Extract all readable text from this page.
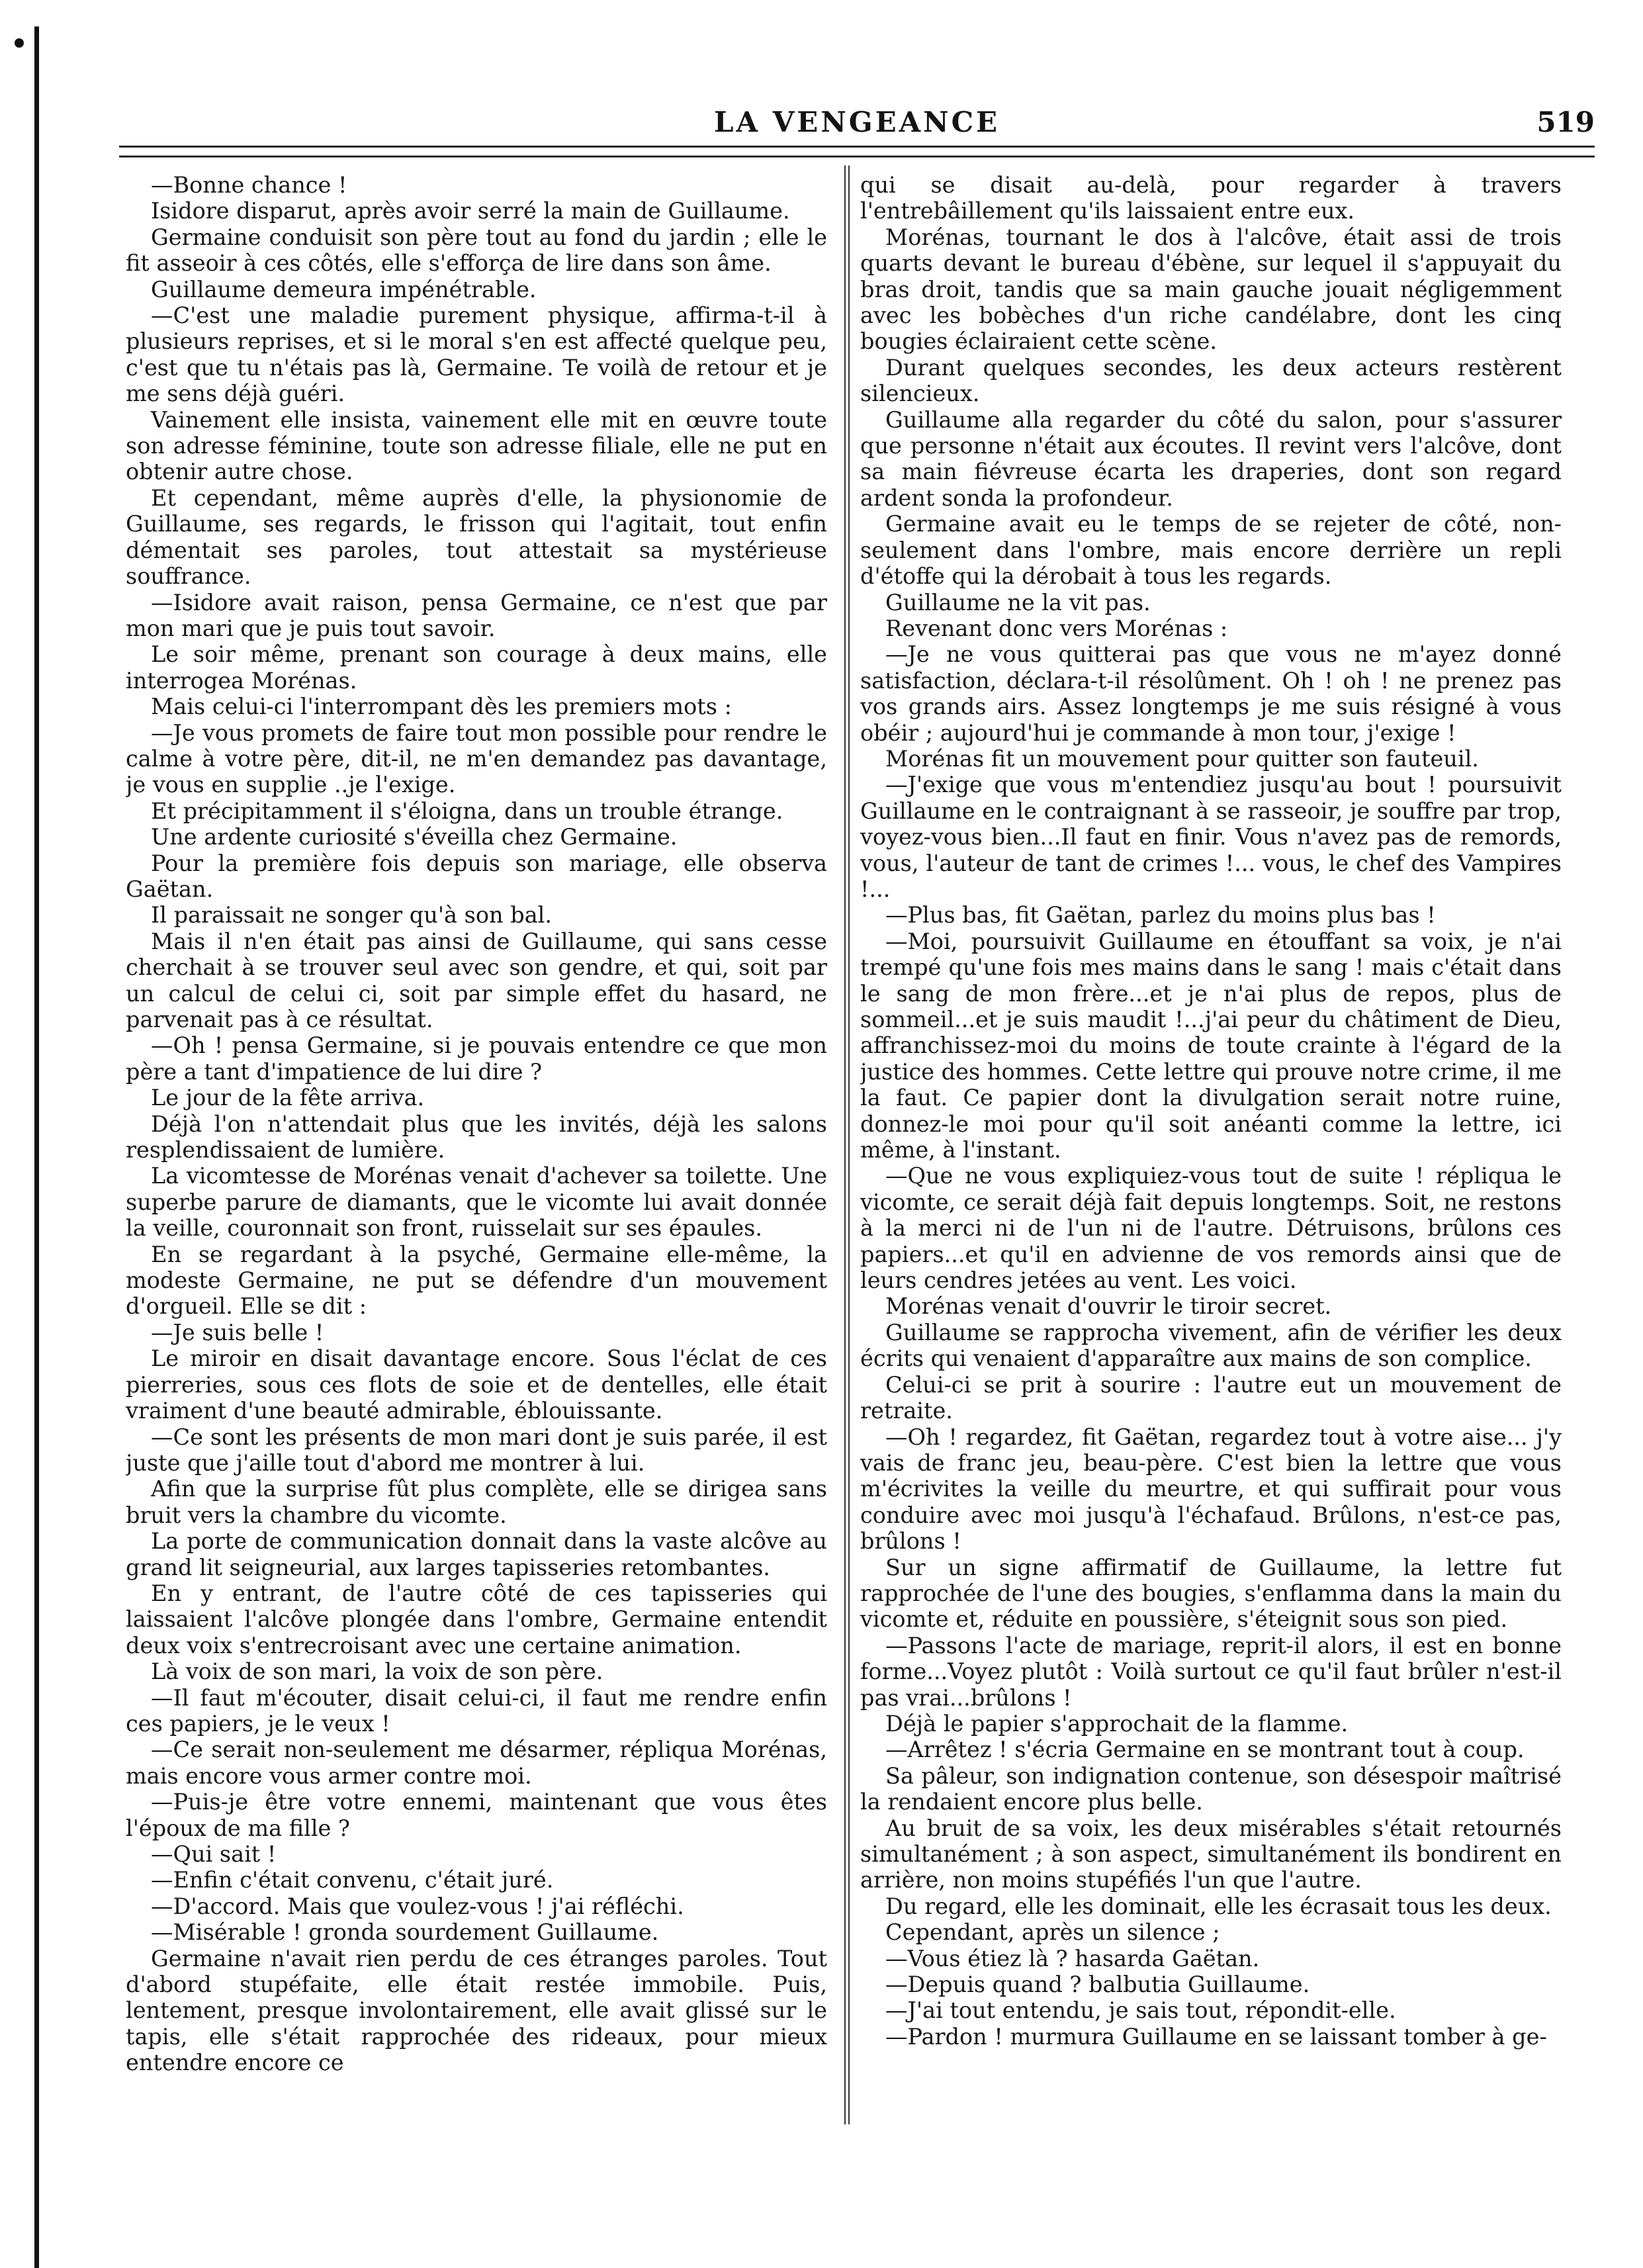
LA VENGEANCE	519

—Bonne chance !

Isidore disparut, après avoir serré la main de Guillaume.

Germaine conduisit son père tout au fond du jardin ; elle le fit asseoir à ces côtés, elle s'efforça de lire dans son âme.

Guillaume demeura impénétrable.

—C'est une maladie purement physique, affirma-t-il à plusieurs reprises, et si le moral s'en est affecté quelque peu, c'est que tu n'étais pas là, Germaine. Te voilà de retour et je me sens déjà guéri.

Vainement elle insista, vainement elle mit en œuvre toute son adresse féminine, toute son adresse filiale, elle ne put en obtenir autre chose.

Et cependant, même auprès d'elle, la physionomie de Guillaume, ses regards, le frisson qui l'agitait, tout enfin démentait ses paroles, tout attestait sa mystérieuse souffrance.

—Isidore avait raison, pensa Germaine, ce n'est que par mon mari que je puis tout savoir.

Le soir même, prenant son courage à deux mains, elle interrogea Morénas.

Mais celui-ci l'interrompant dès les premiers mots :

—Je vous promets de faire tout mon possible pour rendre le calme à votre père, dit-il, ne m'en demandez pas davantage, je vous en supplie ..je l'exige.

Et précipitamment il s'éloigna, dans un trouble étrange.

Une ardente curiosité s'éveilla chez Germaine.

Pour la première fois depuis son mariage, elle observa Gaëtan.

Il paraissait ne songer qu'à son bal.

Mais il n'en était pas ainsi de Guillaume, qui sans cesse cherchait à se trouver seul avec son gendre, et qui, soit par un calcul de celui ci, soit par simple effet du hasard, ne parvenait pas à ce résultat.

—Oh ! pensa Germaine, si je pouvais entendre ce que mon père a tant d'impatience de lui dire ?

Le jour de la fête arriva.

Déjà l'on n'attendait plus que les invités, déjà les salons resplendissaient de lumière.

La vicomtesse de Morénas venait d'achever sa toilette. Une superbe parure de diamants, que le vicomte lui avait donnée la veille, couronnait son front, ruisselait sur ses épaules.

En se regardant à la psyché, Germaine elle-même, la modeste Germaine, ne put se défendre d'un mouvement d'orgueil. Elle se dit :

—Je suis belle !

Le miroir en disait davantage encore. Sous l'éclat de ces pierreries, sous ces flots de soie et de dentelles, elle était vraiment d'une beauté admirable, éblouissante.

—Ce sont les présents de mon mari dont je suis parée, il est juste que j'aille tout d'abord me montrer à lui.

Afin que la surprise fût plus complète, elle se dirigea sans bruit vers la chambre du vicomte.

La porte de communication donnait dans la vaste alcôve au grand lit seigneurial, aux larges tapisseries retombantes.

En y entrant, de l'autre côté de ces tapisseries qui laissaient l'alcôve plongée dans l'ombre, Germaine entendit deux voix s'entrecroisant avec une certaine animation.

Là voix de son mari, la voix de son père.

—Il faut m'écouter, disait celui-ci, il faut me rendre enfin ces papiers, je le veux !

—Ce serait non-seulement me désarmer, répliqua Morénas, mais encore vous armer contre moi.

—Puis-je être votre ennemi, maintenant que vous êtes l'époux de ma fille ?

—Qui sait !

—Enfin c'était convenu, c'était juré.

—D'accord. Mais que voulez-vous ! j'ai réfléchi.

—Misérable ! gronda sourdement Guillaume.

Germaine n'avait rien perdu de ces étranges paroles. Tout d'abord stupéfaite, elle était restée immobile. Puis, lentement, presque involontairement, elle avait glissé sur le tapis, elle s'était rapprochée des rideaux, pour mieux entendre encore ce

qui se disait au-delà, pour regarder à travers l'entrebâillement qu'ils laissaient entre eux.

Morénas, tournant le dos à l'alcôve, était assi de trois quarts devant le bureau d'ébène, sur lequel il s'appuyait du bras droit, tandis que sa main gauche jouait négligemment avec les bobèches d'un riche candélabre, dont les cinq bougies éclairaient cette scène.

Durant quelques secondes, les deux acteurs restèrent silencieux.

Guillaume alla regarder du côté du salon, pour s'assurer que personne n'était aux écoutes. Il revint vers l'alcôve, dont sa main fiévreuse écarta les draperies, dont son regard ardent sonda la profondeur.

Germaine avait eu le temps de se rejeter de côté, non-seulement dans l'ombre, mais encore derrière un repli d'étoffe qui la dérobait à tous les regards.

Guillaume ne la vit pas.

Revenant donc vers Morénas :

—Je ne vous quitterai pas que vous ne m'ayez donné satisfaction, déclara-t-il résolûment. Oh ! oh ! ne prenez pas vos grands airs. Assez longtemps je me suis résigné à vous obéir ; aujourd'hui je commande à mon tour, j'exige !

Morénas fit un mouvement pour quitter son fauteuil.

—J'exige que vous m'entendiez jusqu'au bout ! poursuivit Guillaume en le contraignant à se rasseoir, je souffre par trop, voyez-vous bien...Il faut en finir. Vous n'avez pas de remords, vous, l'auteur de tant de crimes !... vous, le chef des Vampires !...

—Plus bas, fit Gaëtan, parlez du moins plus bas !

—Moi, poursuivit Guillaume en étouffant sa voix, je n'ai trempé qu'une fois mes mains dans le sang ! mais c'était dans le sang de mon frère...et je n'ai plus de repos, plus de sommeil...et je suis maudit !...j'ai peur du châtiment de Dieu, affranchissez-moi du moins de toute crainte à l'égard de la justice des hommes. Cette lettre qui prouve notre crime, il me la faut. Ce papier dont la divulgation serait notre ruine, donnez-le moi pour qu'il soit anéanti comme la lettre, ici même, à l'instant.

—Que ne vous expliquiez-vous tout de suite ! répliqua le vicomte, ce serait déjà fait depuis longtemps. Soit, ne restons à la merci ni de l'un ni de l'autre. Détruisons, brûlons ces papiers...et qu'il en advienne de vos remords ainsi que de leurs cendres jetées au vent. Les voici.

Morénas venait d'ouvrir le tiroir secret.

Guillaume se rapprocha vivement, afin de vérifier les deux écrits qui venaient d'apparaître aux mains de son complice.

Celui-ci se prit à sourire : l'autre eut un mouvement de retraite.

—Oh ! regardez, fit Gaëtan, regardez tout à votre aise... j'y vais de franc jeu, beau-père. C'est bien la lettre que vous m'écrivites la veille du meurtre, et qui suffirait pour vous conduire avec moi jusqu'à l'échafaud. Brûlons, n'est-ce pas, brûlons !

Sur un signe affirmatif de Guillaume, la lettre fut rapprochée de l'une des bougies, s'enflamma dans la main du vicomte et, réduite en poussière, s'éteignit sous son pied.

—Passons l'acte de mariage, reprit-il alors, il est en bonne forme...Voyez plutôt : Voilà surtout ce qu'il faut brûler n'est-il pas vrai...brûlons !

Déjà le papier s'approchait de la flamme.

—Arrêtez ! s'écria Germaine en se montrant tout à coup.

Sa pâleur, son indignation contenue, son désespoir maîtrisé la rendaient encore plus belle.

Au bruit de sa voix, les deux misérables s'était retournés simultanément ; à son aspect, simultanément ils bondirent en arrière, non moins stupéfiés l'un que l'autre.

Du regard, elle les dominait, elle les écrasait tous les deux.

Cependant, après un silence ;

—Vous étiez là ? hasarda Gaëtan.

—Depuis quand ? balbutia Guillaume.

—J'ai tout entendu, je sais tout, répondit-elle.

—Pardon ! murmura Guillaume en se laissant tomber à ge-
